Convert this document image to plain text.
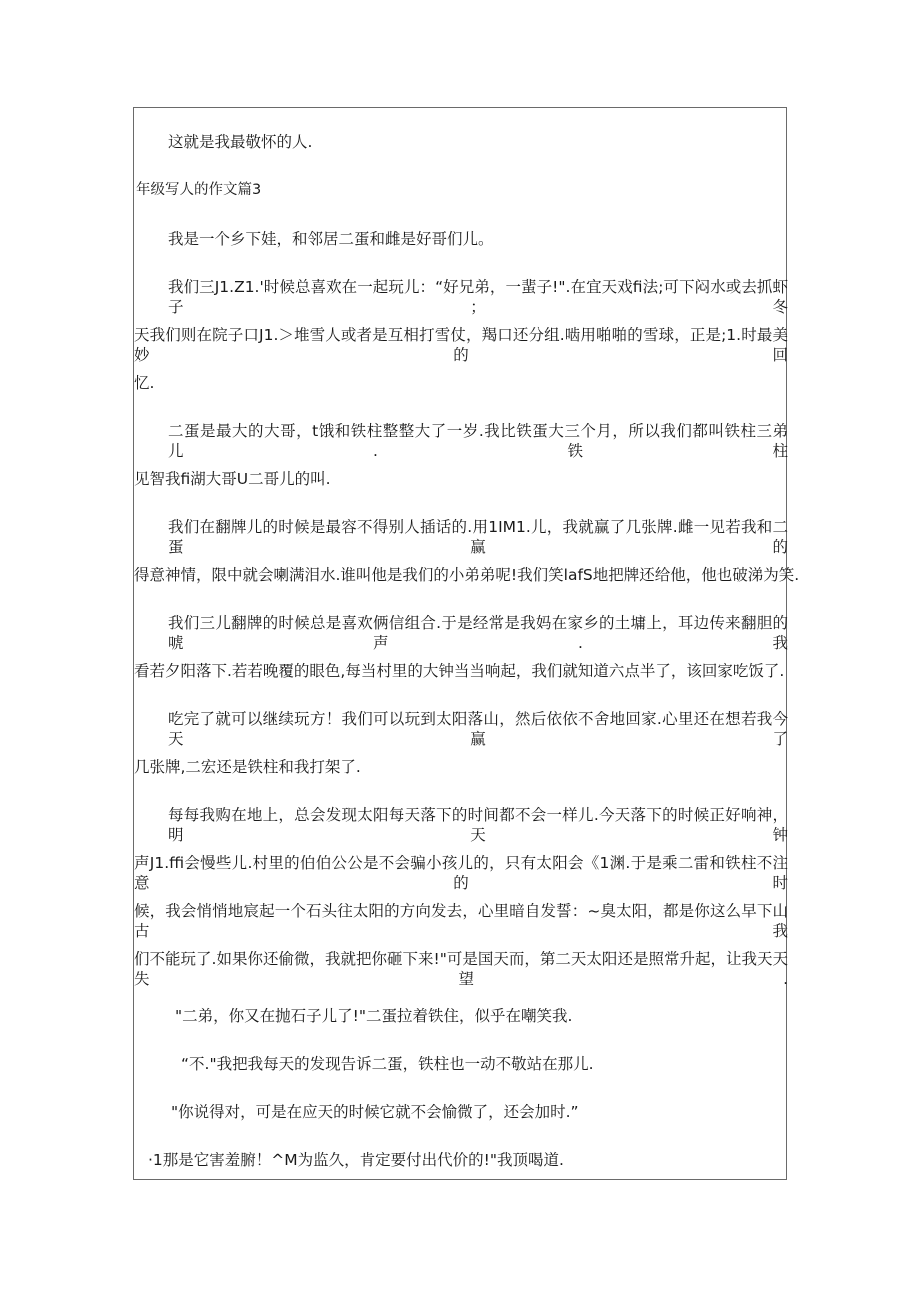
这就是我最敬怀的人.
年级写人的作文篇3
我是一个乡下娃，和邻居二蛋和雌是好哥们儿。
我们三J1.Z1.'时候总喜欢在一起玩儿：“好兄弟，一蜚子!".在宜天戏fi法;可下闷水或去抓虾子；冬
天我们则在院子口J1.＞堆雪人或者是互相打雪仗，羯口还分组.啮用啪啪的雪球，正是;1.时最美妙的回
忆.
二蛋是最大的大哥，t饿和铁柱整整大了一岁.我比铁蛋大三个月，所以我们都叫铁柱三弟儿.铁柱
见智我fi湖大哥U二哥儿的叫.
我们在翻牌儿的时候是最容不得别人插话的.用1IM1.儿，我就赢了几张牌.雌一见若我和二蛋赢的
得意神情，限中就会喇满泪水.谁叫他是我们的小弟弟呢!我们笑lafS地把牌还给他，他也破涕为笑.
我们三儿翻牌的时候总是喜欢俩信组合.于是经常是我妈在家乡的土墉上，耳边传来翻胆的唬声.我
看若夕阳落下.若若晚覆的眼色,每当村里的大钟当当响起，我们就知道六点半了，该回家吃饭了.
吃完了就可以继续玩方！我们可以玩到太阳落山，然后依依不舍地回家.心里还在想若我今天赢了
几张牌,二宏还是铁柱和我打架了.
每每我购在地上，总会发现太阳每天落下的时间都不会一样儿.今天落下的时候正好响神，明天钟
声J1.ffi会慢些儿.村里的伯伯公公是不会骗小孩儿的，只有太阳会《1渊.于是乘二雷和铁柱不注意的时
候，我会悄悄地宸起一个石头往太阳的方向发去，心里暗自发誓：~臭太阳，都是你这么早下山古我
们不能玩了.如果你还偷微，我就把你砸下来!"可是国天而，第二天太阳还是照常升起，让我天天失望.
"二弟，你又在抛石子儿了!"二蛋拉着铁住，似乎在嘲笑我.
“不."我把我每天的发现告诉二蛋，铁柱也一动不敬站在那儿.
"你说得对，可是在应天的时候它就不会愉微了，还会加时.”
·1那是它害羞腑！^M为监久，肯定要付出代价的!"我顶喝道.
